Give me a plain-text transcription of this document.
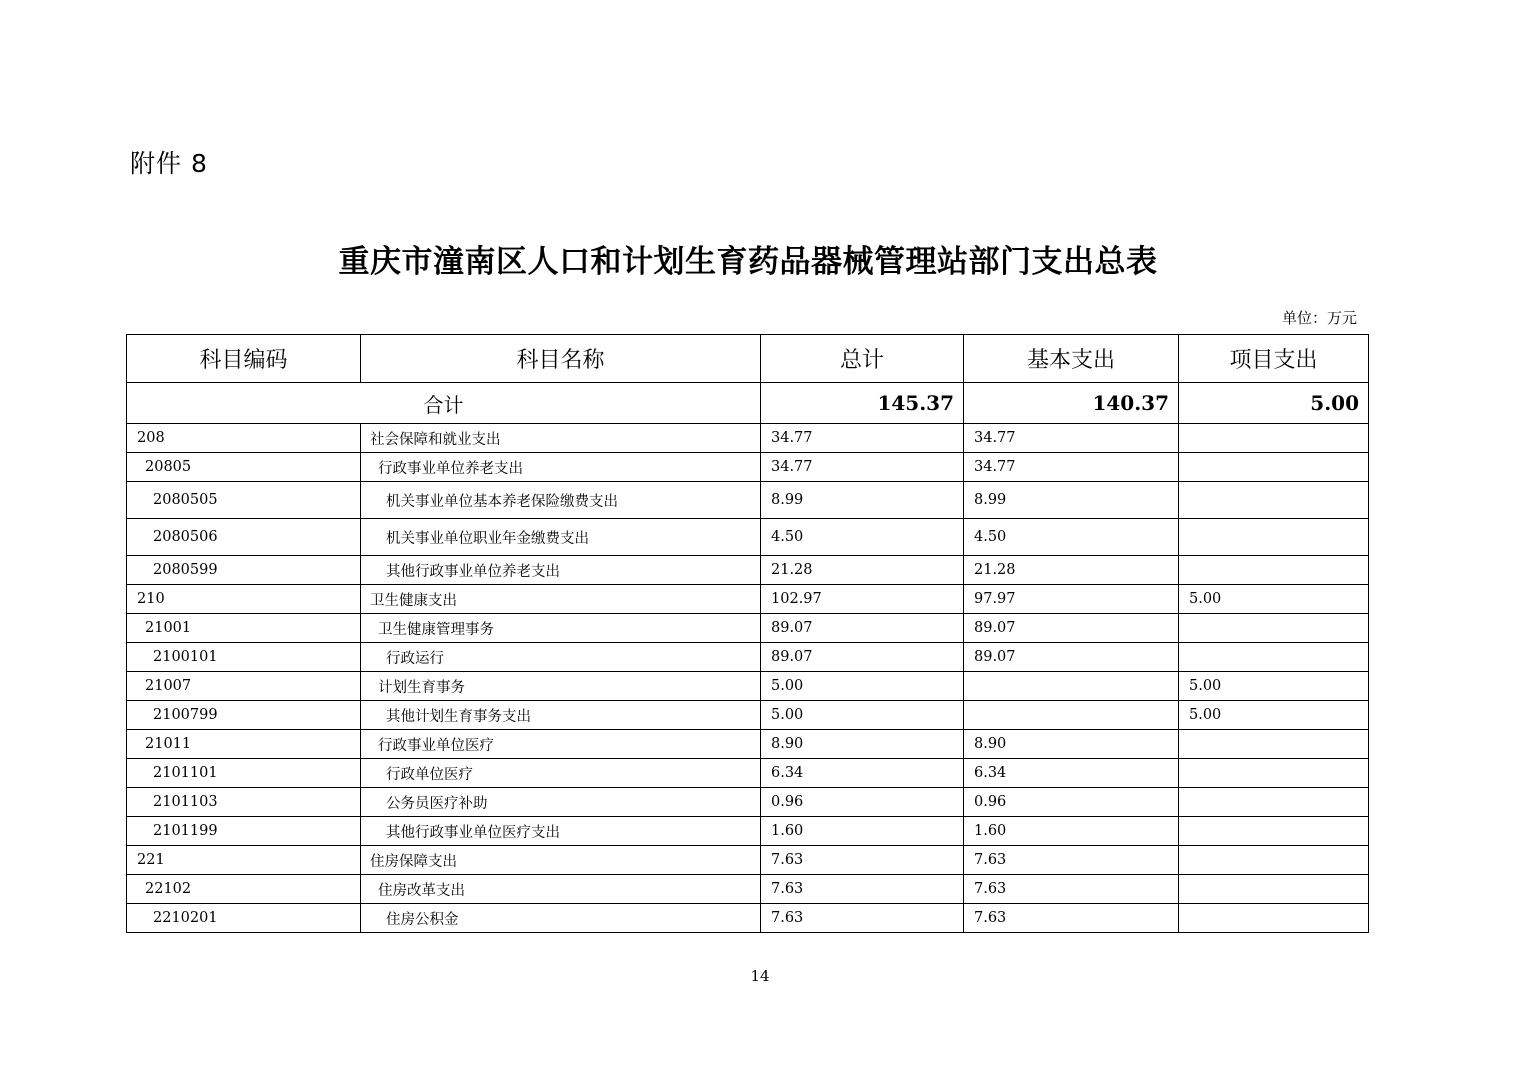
附件 8
重庆市潼南区人口和计划生育药品器械管理站部门支出总表
单位：万元
科目编码	科目名称	总计	基本支出	项目支出
合计		145.37	140.37	5.00
208	社会保障和就业支出	34.77	34.77	
20805	行政事业单位养老支出	34.77	34.77	
2080505	机关事业单位基本养老保险缴费支出	8.99	8.99	
2080506	机关事业单位职业年金缴费支出	4.50	4.50	
2080599	其他行政事业单位养老支出	21.28	21.28	
210	卫生健康支出	102.97	97.97	5.00
21001	卫生健康管理事务	89.07	89.07	
2100101	行政运行	89.07	89.07	
21007	计划生育事务	5.00		5.00
2100799	其他计划生育事务支出	5.00		5.00
21011	行政事业单位医疗	8.90	8.90	
2101101	行政单位医疗	6.34	6.34	
2101103	公务员医疗补助	0.96	0.96	
2101199	其他行政事业单位医疗支出	1.60	1.60	
221	住房保障支出	7.63	7.63	
22102	住房改革支出	7.63	7.63	
2210201	住房公积金	7.63	7.63	
14
